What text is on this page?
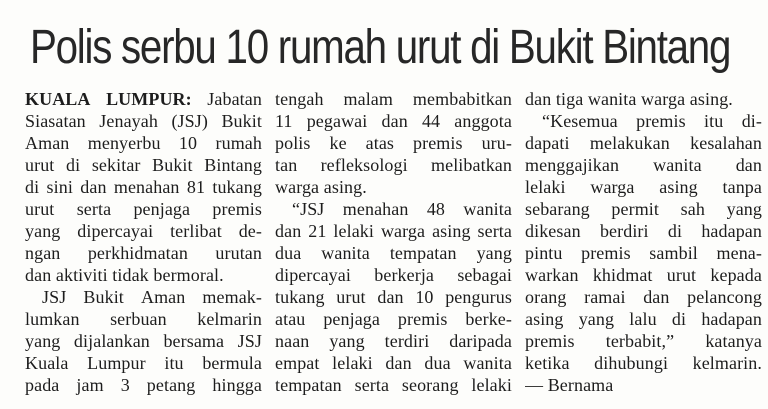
Polis serbu 10 rumah urut di Bukit Bintang
KUALA LUMPUR: Jabatan
Siasatan Jenayah (JSJ) Bukit
Aman menyerbu 10 rumah
urut di sekitar Bukit Bintang
di sini dan menahan 81 tukang
urut serta penjaga premis
yang dipercayai terlibat de-
ngan perkhidmatan urutan
dan aktiviti tidak bermoral.
JSJ Bukit Aman memak-
lumkan serbuan kelmarin
yang dijalankan bersama JSJ
Kuala Lumpur itu bermula
pada jam 3 petang hingga
tengah malam membabitkan
11 pegawai dan 44 anggota
polis ke atas premis uru-
tan refleksologi melibatkan
warga asing.
“JSJ menahan 48 wanita
dan 21 lelaki warga asing serta
dua wanita tempatan yang
dipercayai berkerja sebagai
tukang urut dan 10 pengurus
atau penjaga premis berke-
naan yang terdiri daripada
empat lelaki dan dua wanita
tempatan serta seorang lelaki
dan tiga wanita warga asing.
“Kesemua premis itu di-
dapati melakukan kesalahan
menggajikan wanita dan
lelaki warga asing tanpa
sebarang permit sah yang
dikesan berdiri di hadapan
pintu premis sambil mena-
warkan khidmat urut kepada
orang ramai dan pelancong
asing yang lalu di hadapan
premis terbabit,” katanya
ketika dihubungi kelmarin.
— Bernama
